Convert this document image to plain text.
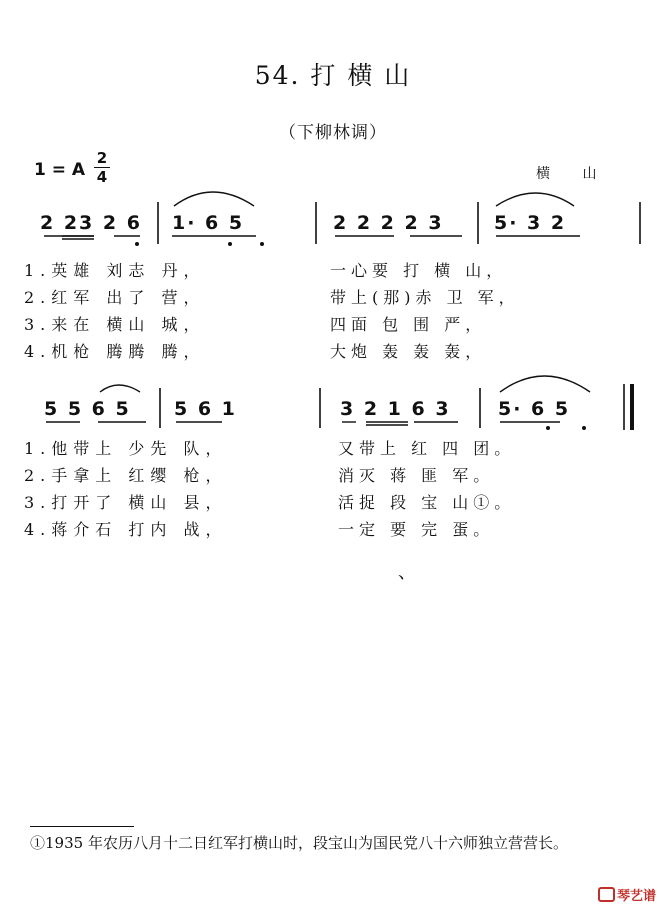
54. 打 横 山
（下柳林调）
1 = A
2
4	横 山
2 23 2 6 1· 6 5	2 2 2 2 3	5· 3 2
1.英雄 刘志 丹，
2.红军 出了 营，
3.来在 横山 城，
4.机枪 腾腾 腾，
一心要 打 横 山，
带上(那)赤 卫 军，
四面 包 围 严，
大炮 轰 轰 轰，
5 5 6 5 5 6 1	3 2 1 6 3 5· 6 5
1.他带上 少先 队，
2.手拿上 红缨 枪，
3.打开了 横山 县，
4.蒋介石 打内 战，
又带上 红 四 团。
消灭 蒋 匪 军。
活捉 段 宝 山①。
一定 要 完 蛋。
、
①1935 年农历八月十二日红军打横山时，段宝山为国民党八十六师独立营营长。
琴艺谱
